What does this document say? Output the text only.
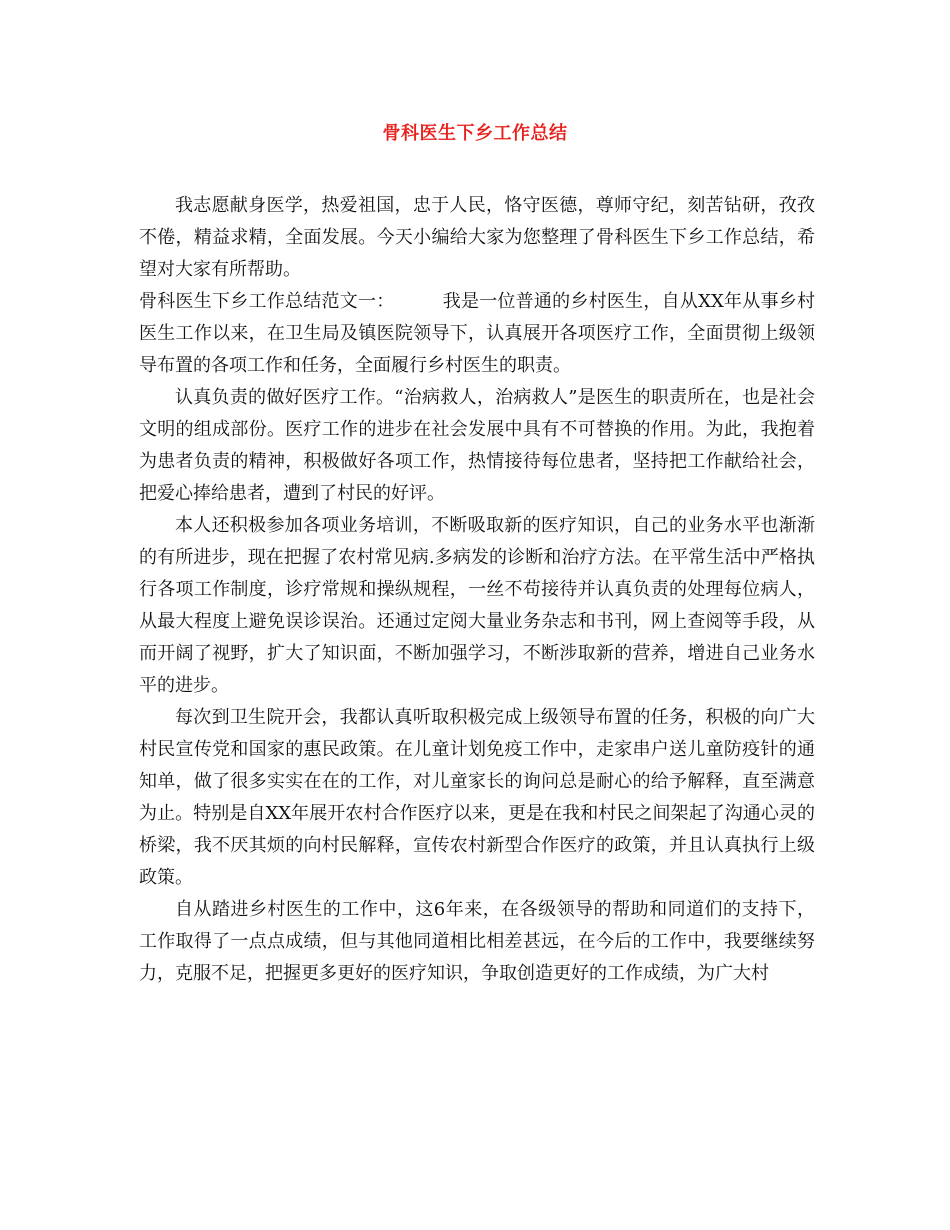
骨科医生下乡工作总结

我志愿献身医学，热爱祖国，忠于人民，恪守医德，尊师守纪，刻苦钻研，孜孜不倦，精益求精，全面发展。今天小编给大家为您整理了骨科医生下乡工作总结，希望对大家有所帮助。

骨科医生下乡工作总结范文一：	我是一位普通的乡村医生，自从XX年从事乡村医生工作以来，在卫生局及镇医院领导下，认真展开各项医疗工作，全面贯彻上级领导布置的各项工作和任务，全面履行乡村医生的职责。

认真负责的做好医疗工作。“治病救人，治病救人”是医生的职责所在，也是社会文明的组成部份。医疗工作的进步在社会发展中具有不可替换的作用。为此，我抱着为患者负责的精神，积极做好各项工作，热情接待每位患者，坚持把工作献给社会，把爱心捧给患者，遭到了村民的好评。

本人还积极参加各项业务培训，不断吸取新的医疗知识，自己的业务水平也渐渐的有所进步，现在把握了农村常见病.多病发的诊断和治疗方法。在平常生活中严格执行各项工作制度，诊疗常规和操纵规程，一丝不苟接待并认真负责的处理每位病人，从最大程度上避免误诊误治。还通过定阅大量业务杂志和书刊，网上查阅等手段，从而开阔了视野，扩大了知识面，不断加强学习，不断涉取新的营养，增进自己业务水平的进步。

每次到卫生院开会，我都认真听取积极完成上级领导布置的任务，积极的向广大村民宣传党和国家的惠民政策。在儿童计划免疫工作中，走家串户送儿童防疫针的通知单，做了很多实实在在的工作，对儿童家长的询问总是耐心的给予解释，直至满意为止。特别是自XX年展开农村合作医疗以来，更是在我和村民之间架起了沟通心灵的桥梁，我不厌其烦的向村民解释，宣传农村新型合作医疗的政策，并且认真执行上级政策。

自从踏进乡村医生的工作中，这6年来，在各级领导的帮助和同道们的支持下，工作取得了一点点成绩，但与其他同道相比相差甚远，在今后的工作中，我要继续努力，克服不足，把握更多更好的医疗知识，争取创造更好的工作成绩，为广大村
